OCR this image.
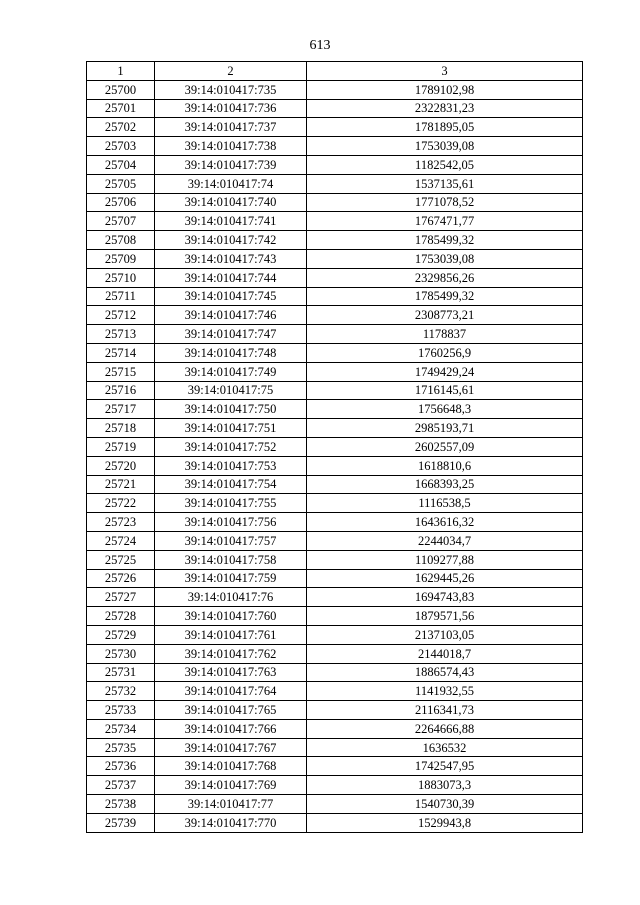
613
1	2	3
25700	39:14:010417:735	1789102,98
25701	39:14:010417:736	2322831,23
25702	39:14:010417:737	1781895,05
25703	39:14:010417:738	1753039,08
25704	39:14:010417:739	1182542,05
25705	39:14:010417:74	1537135,61
25706	39:14:010417:740	1771078,52
25707	39:14:010417:741	1767471,77
25708	39:14:010417:742	1785499,32
25709	39:14:010417:743	1753039,08
25710	39:14:010417:744	2329856,26
25711	39:14:010417:745	1785499,32
25712	39:14:010417:746	2308773,21
25713	39:14:010417:747	1178837
25714	39:14:010417:748	1760256,9
25715	39:14:010417:749	1749429,24
25716	39:14:010417:75	1716145,61
25717	39:14:010417:750	1756648,3
25718	39:14:010417:751	2985193,71
25719	39:14:010417:752	2602557,09
25720	39:14:010417:753	1618810,6
25721	39:14:010417:754	1668393,25
25722	39:14:010417:755	1116538,5
25723	39:14:010417:756	1643616,32
25724	39:14:010417:757	2244034,7
25725	39:14:010417:758	1109277,88
25726	39:14:010417:759	1629445,26
25727	39:14:010417:76	1694743,83
25728	39:14:010417:760	1879571,56
25729	39:14:010417:761	2137103,05
25730	39:14:010417:762	2144018,7
25731	39:14:010417:763	1886574,43
25732	39:14:010417:764	1141932,55
25733	39:14:010417:765	2116341,73
25734	39:14:010417:766	2264666,88
25735	39:14:010417:767	1636532
25736	39:14:010417:768	1742547,95
25737	39:14:010417:769	1883073,3
25738	39:14:010417:77	1540730,39
25739	39:14:010417:770	1529943,8
